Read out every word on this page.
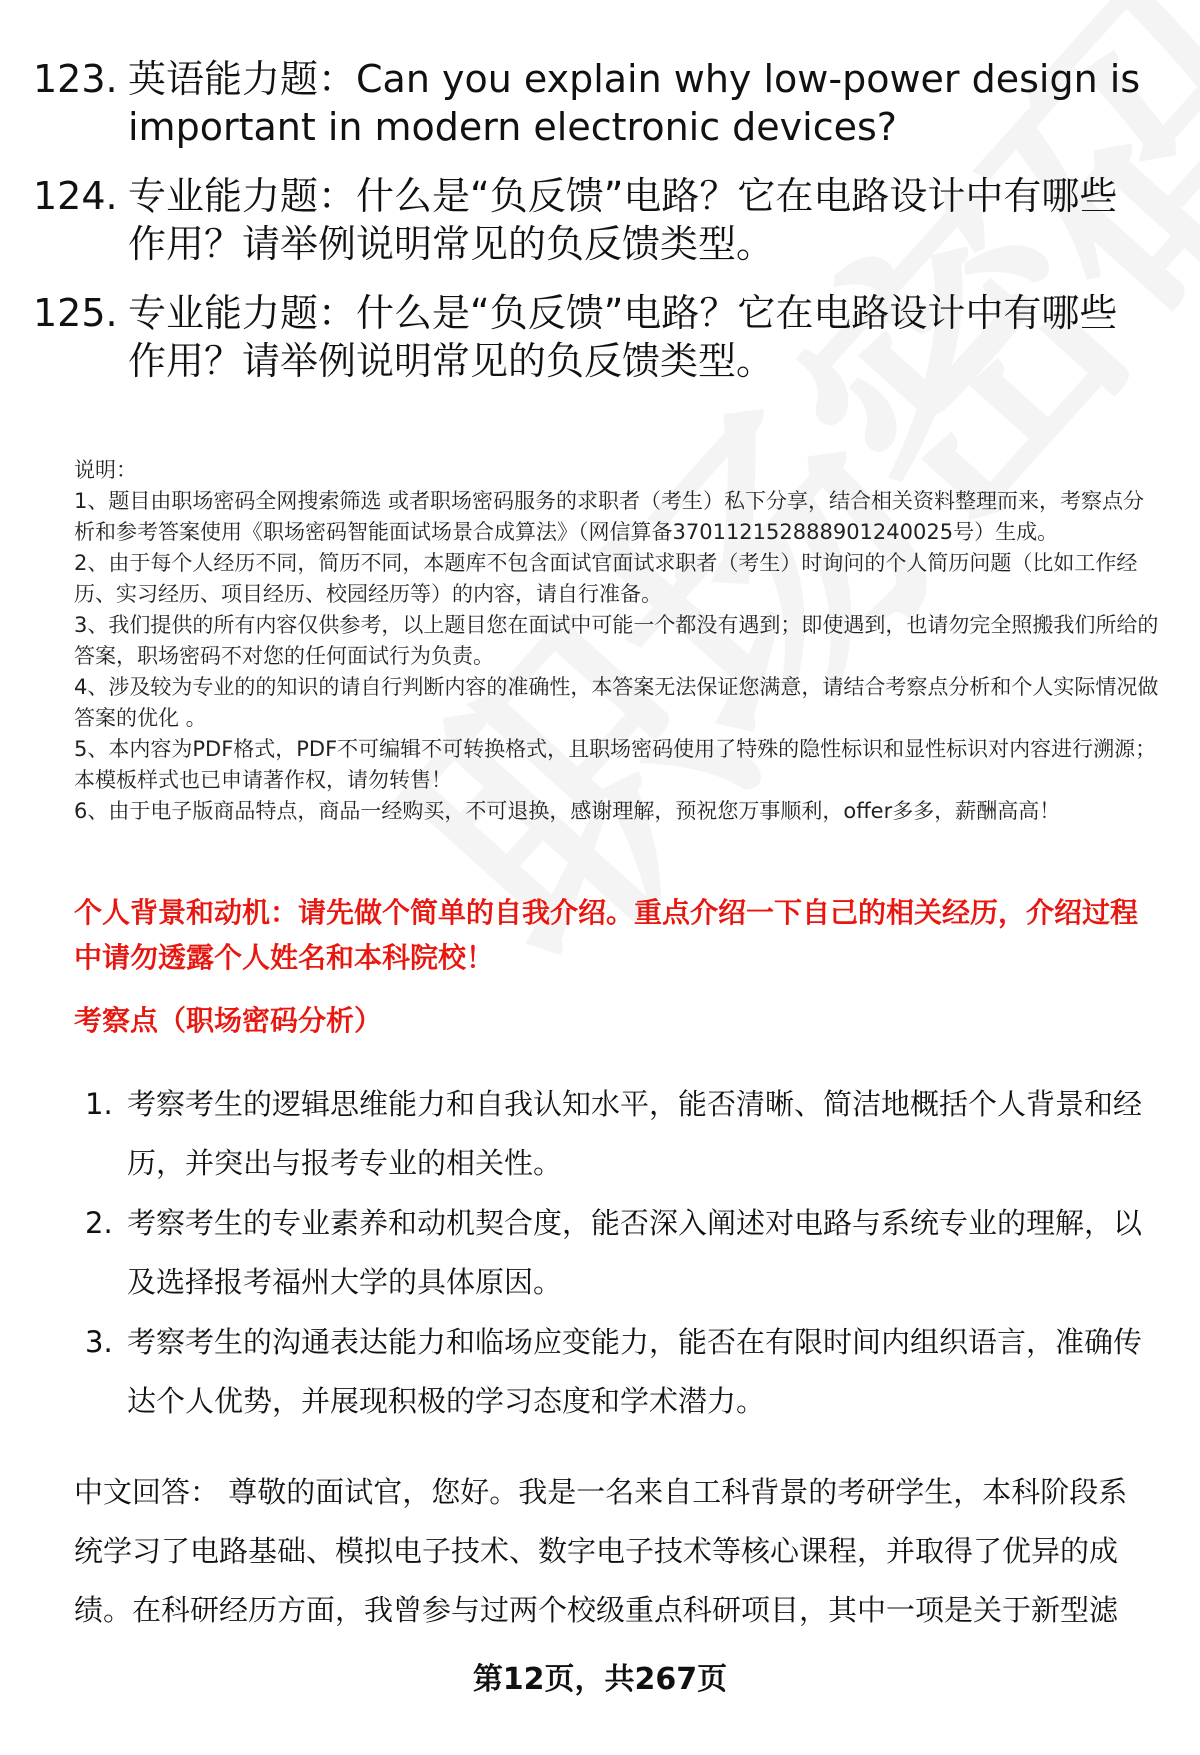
123. 英语能力题：Can you explain why low-power design is important in modern electronic devices?
124. 专业能力题：什么是“负反馈”电路？它在电路设计中有哪些作用？请举例说明常见的负反馈类型。
125. 专业能力题：什么是“负反馈”电路？它在电路设计中有哪些作用？请举例说明常见的负反馈类型。

说明：

1、题目由职场密码全网搜索筛选 或者职场密码服务的求职者（考生）私下分享，结合相关资料整理而来，考察点分析和参考答案使用《职场密码智能面试场景合成算法》（网信算备370112152888901240025号）生成。

2、由于每个人经历不同，简历不同，本题库不包含面试官面试求职者（考生）时询问的个人简历问题（比如工作经历、实习经历、项目经历、校园经历等）的内容，请自行准备。

3、我们提供的所有内容仅供参考，以上题目您在面试中可能一个都没有遇到；即使遇到，也请勿完全照搬我们所给的答案，职场密码不对您的任何面试行为负责。

4、涉及较为专业的的知识的请自行判断内容的准确性，本答案无法保证您满意，请结合考察点分析和个人实际情况做答案的优化 。

5、本内容为PDF格式，PDF不可编辑不可转换格式，且职场密码使用了特殊的隐性标识和显性标识对内容进行溯源；本模板样式也已申请著作权，请勿转售！

6、由于电子版商品特点，商品一经购买，不可退换，感谢理解，预祝您万事顺利，offer多多，薪酬高高！

个人背景和动机：请先做个简单的自我介绍。重点介绍一下自己的相关经历，介绍过程中请勿透露个人姓名和本科院校！
考察点（职场密码分析）
1. 考察考生的逻辑思维能力和自我认知水平，能否清晰、简洁地概括个人背景和经历，并突出与报考专业的相关性。
2. 考察考生的专业素养和动机契合度，能否深入阐述对电路与系统专业的理解，以及选择报考福州大学的具体原因。
3. 考察考生的沟通表达能力和临场应变能力，能否在有限时间内组织语言，准确传达个人优势，并展现积极的学习态度和学术潜力。
中文回答： 尊敬的面试官，您好。我是一名来自工科背景的考研学生，本科阶段系统学习了电路基础、模拟电子技术、数字电子技术等核心课程，并取得了优异的成绩。在科研经历方面，我曾参与过两个校级重点科研项目，其中一项是关于新型滤
第12页，共267页
